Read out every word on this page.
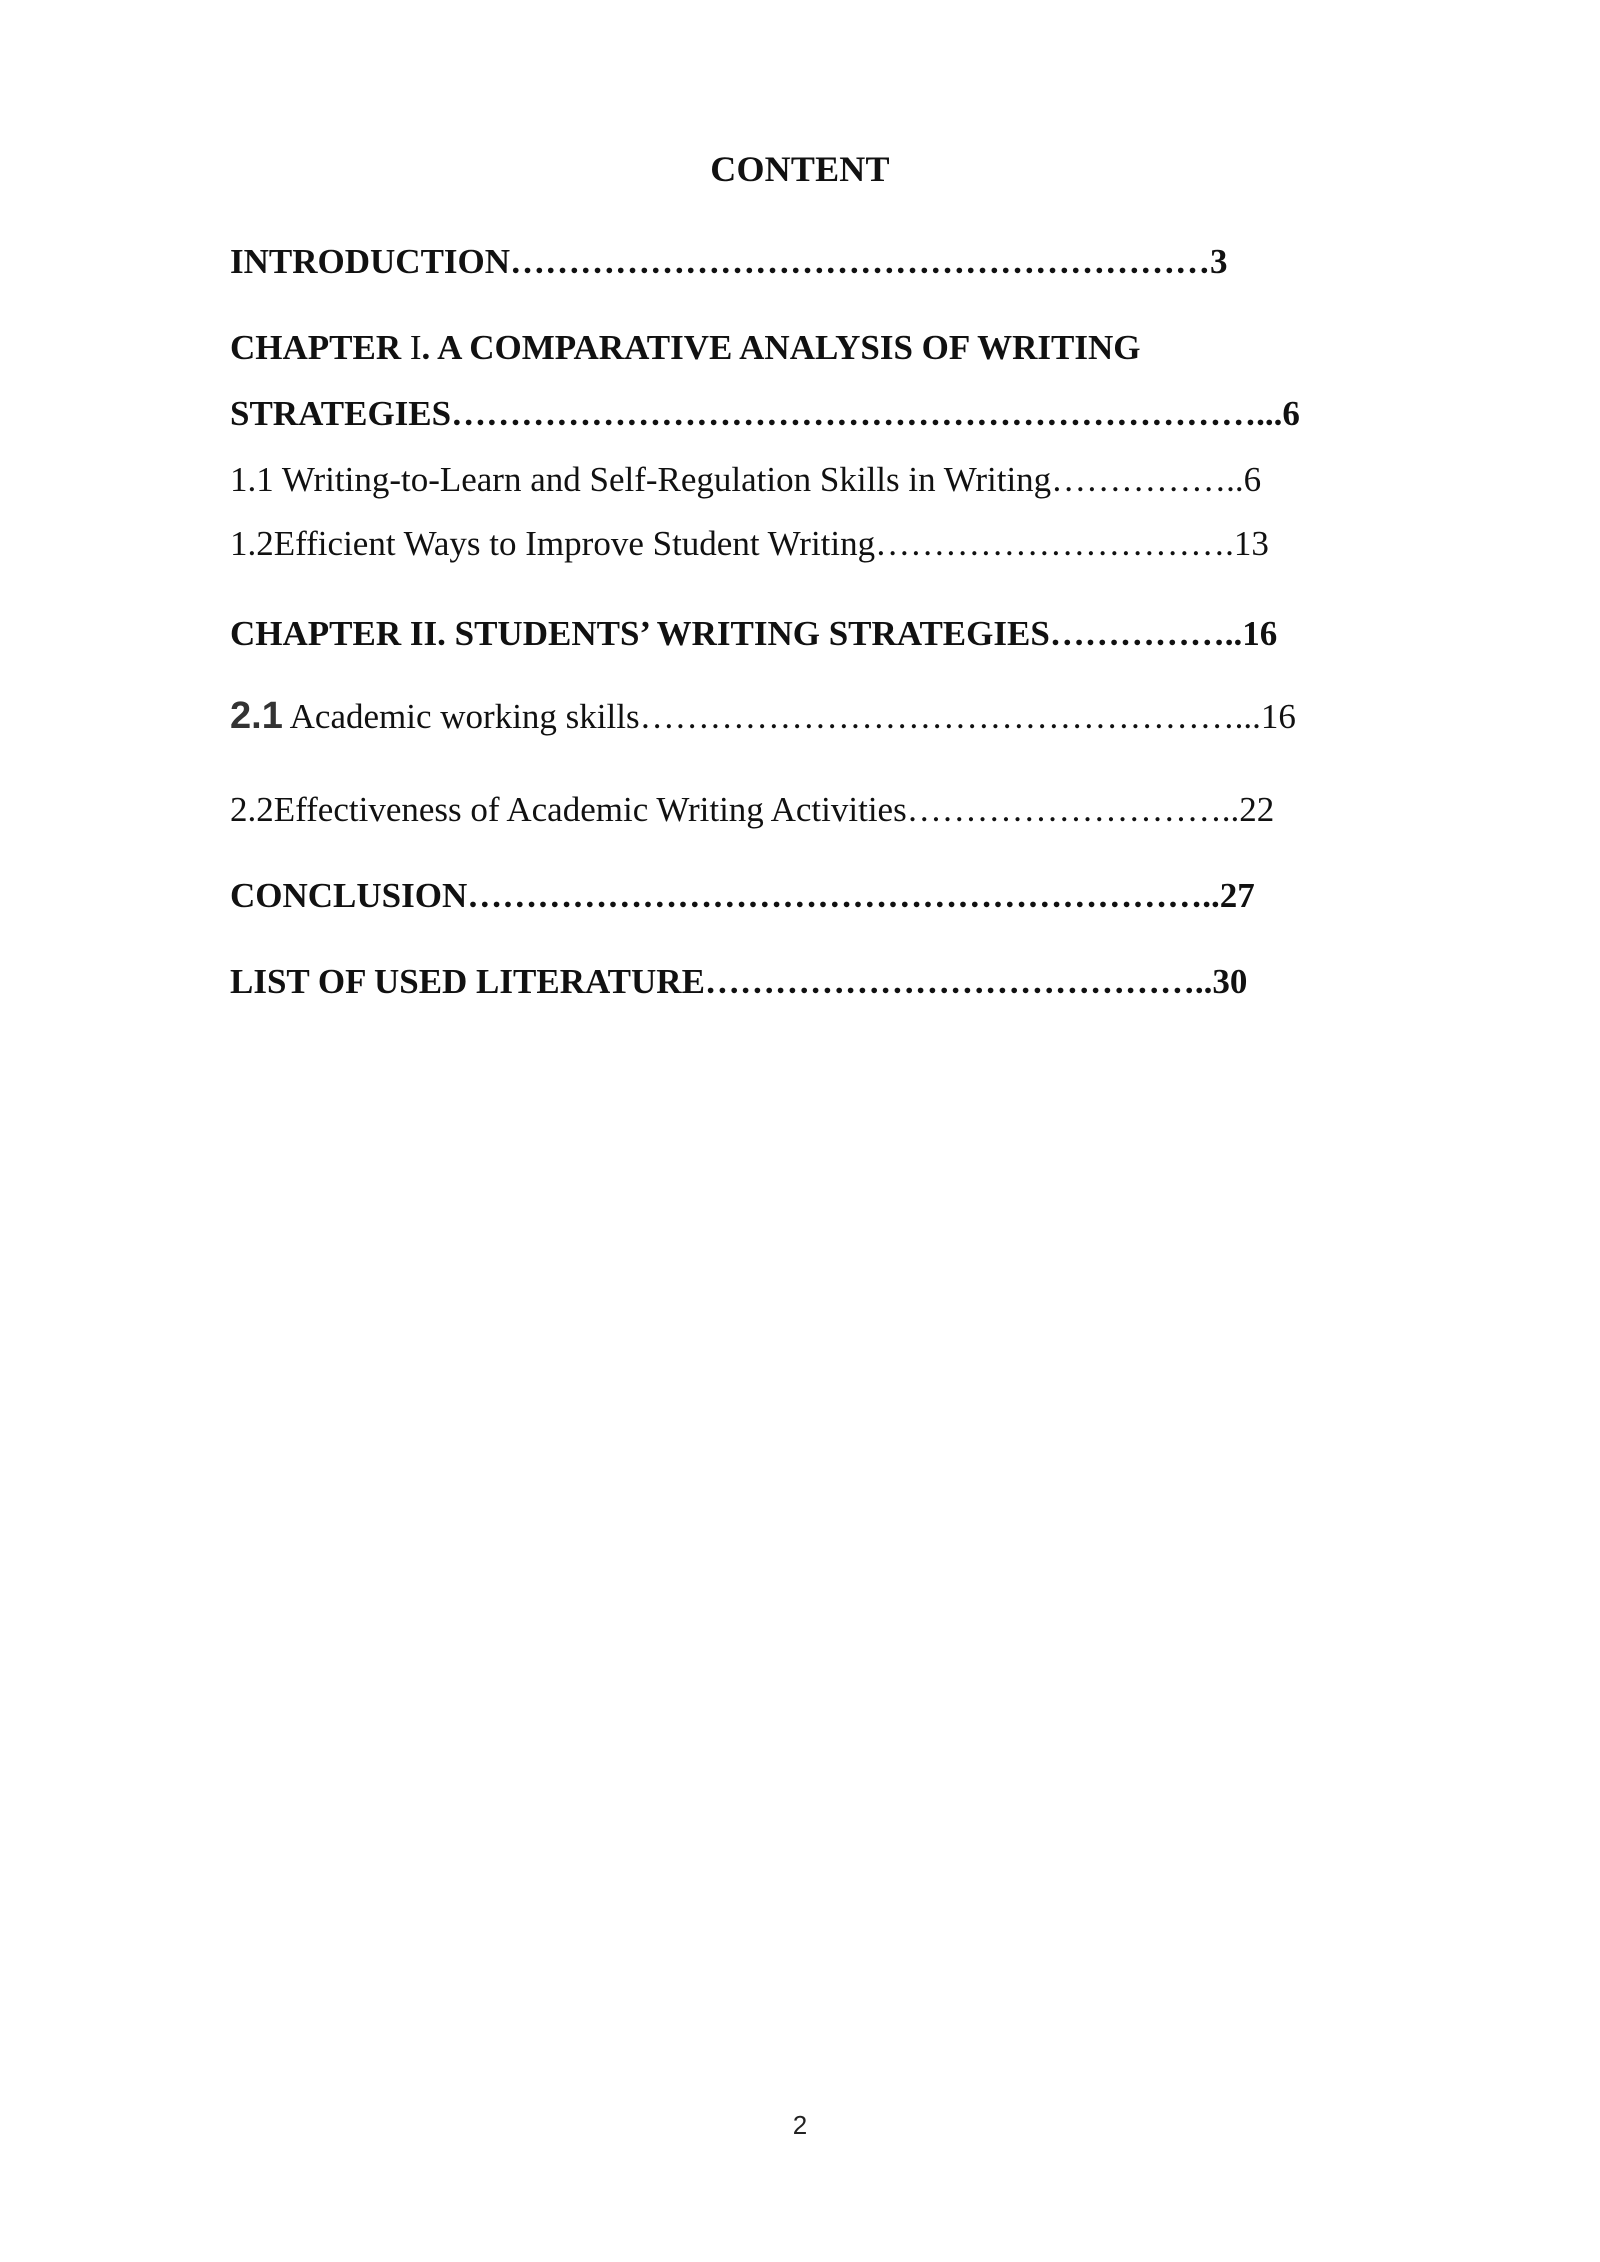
CONTENT
INTRODUCTION……………………………………………………3
CHAPTER I. A COMPARATIVE ANALYSIS OF WRITING
STRATEGIES……………………………………………………………...6
1.1 Writing-to-Learn and Self-Regulation Skills in Writing……………..6
1.2Efficient Ways to Improve Student Writing………………………….13
CHAPTER II. STUDENTS’ WRITING STRATEGIES……………..16
2.1 Academic working skills……………………………………………...16
2.2Effectiveness of Academic Writing Activities………………………..22
CONCLUSION………………………………………………………..27
LIST OF USED LITERATURE……………………………………..30
2
